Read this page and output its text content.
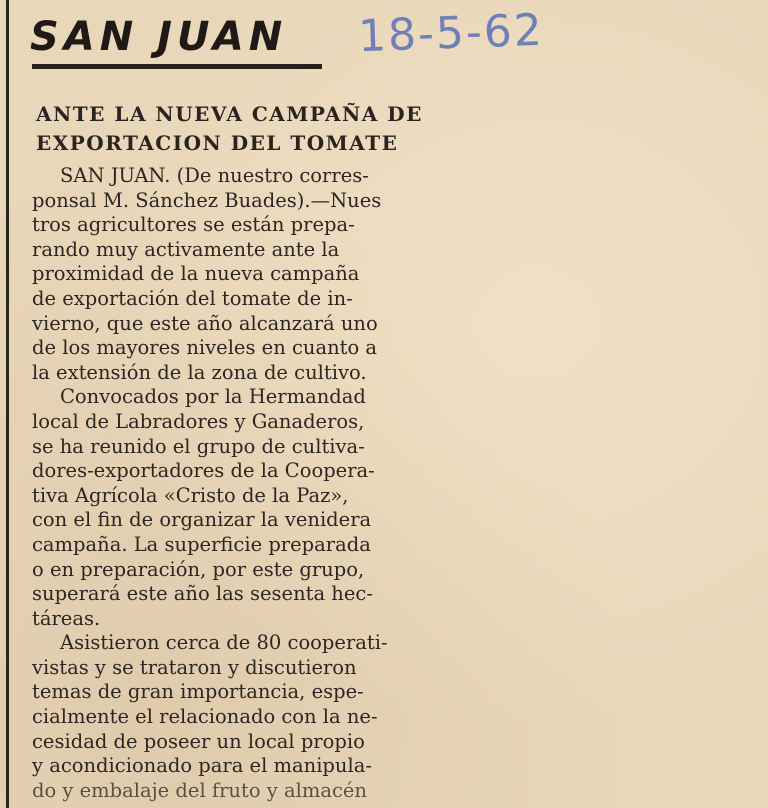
SAN JUAN 18-5-62
ANTE LA NUEVA CAMPAÑA DE
EXPORTACION DEL TOMATE
SAN JUAN. (De nuestro corres-
ponsal M. Sánchez Buades).—Nues
tros agricultores se están prepa-
rando muy activamente ante la
proximidad de la nueva campaña
de exportación del tomate de in-
vierno, que este año alcanzará uno
de los mayores niveles en cuanto a
la extensión de la zona de cultivo.
Convocados por la Hermandad
local de Labradores y Ganaderos,
se ha reunido el grupo de cultiva-
dores-exportadores de la Coopera-
tiva Agrícola «Cristo de la Paz»,
con el fin de organizar la venidera
campaña. La superficie preparada
o en preparación, por este grupo,
superará este año las sesenta hec-
táreas.
Asistieron cerca de 80 cooperati-
vistas y se trataron y discutieron
temas de gran importancia, espe-
cialmente el relacionado con la ne-
cesidad de poseer un local propio
y acondicionado para el manipula-
do y embalaje del fruto y almacén
